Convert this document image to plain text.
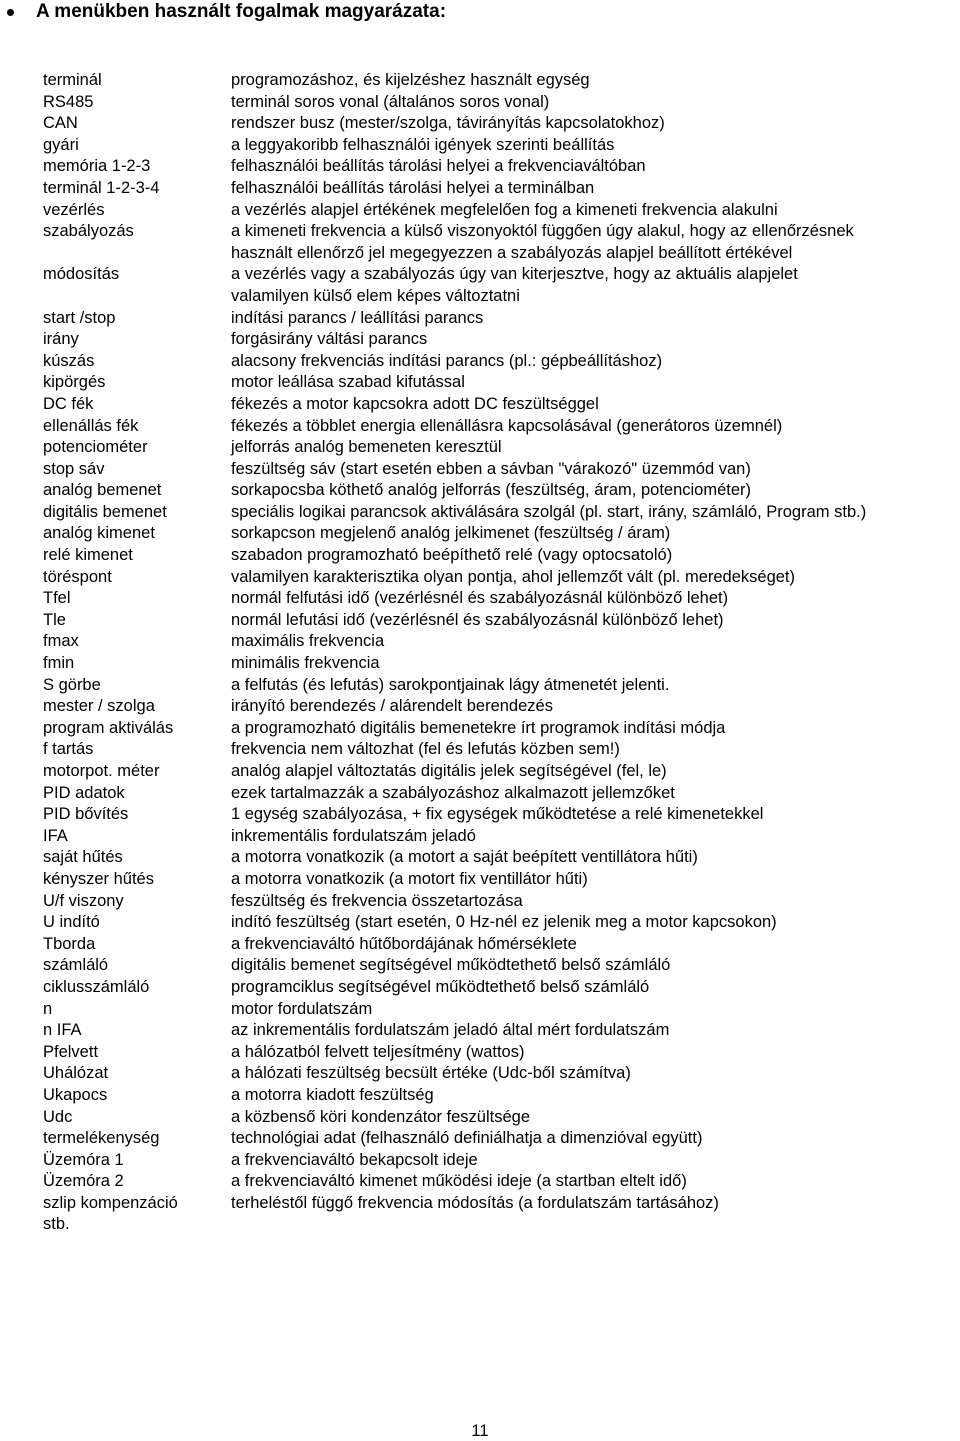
A menükben használt fogalmak magyarázata:
terminál	programozáshoz, és kijelzéshez használt egység
RS485	terminál soros vonal (általános soros vonal)
CAN	rendszer busz (mester/szolga, távirányítás kapcsolatokhoz)
gyári	a leggyakoribb felhasználói igények szerinti beállítás
memória 1-2-3	felhasználói beállítás tárolási helyei a frekvenciaváltóban
terminál 1-2-3-4	felhasználói beállítás tárolási helyei a terminálban
vezérlés	a vezérlés alapjel értékének megfelelően fog a kimeneti frekvencia alakulni
szabályozás	a kimeneti frekvencia a külső viszonyoktól függően úgy alakul, hogy az ellenőrzésnek
használt ellenőrző jel megegyezzen a szabályozás alapjel beállított értékével
módosítás	a vezérlés vagy a szabályozás úgy van kiterjesztve, hogy az aktuális alapjelet
valamilyen külső elem képes változtatni
start /stop	indítási parancs / leállítási parancs
irány	forgásirány váltási parancs
kúszás	alacsony frekvenciás indítási parancs (pl.: gépbeállításhoz)
kipörgés	motor leállása szabad kifutással
DC fék	fékezés a motor kapcsokra adott DC feszültséggel
ellenállás fék	fékezés a többlet energia ellenállásra kapcsolásával (generátoros üzemnél)
potenciométer	jelforrás analóg bemeneten keresztül
stop sáv	feszültség sáv (start esetén ebben a sávban "várakozó" üzemmód van)
analóg bemenet	sorkapocsba köthető analóg jelforrás (feszültség, áram, potenciométer)
digitális bemenet	speciális logikai parancsok aktiválására szolgál (pl. start, irány, számláló, Program stb.)
analóg kimenet	sorkapcson megjelenő analóg jelkimenet (feszültség / áram)
relé kimenet	szabadon programozható beépíthető relé (vagy optocsatoló)
töréspont	valamilyen karakterisztika olyan pontja, ahol jellemzőt vált (pl. meredekséget)
Tfel	normál felfutási idő (vezérlésnél és szabályozásnál különböző lehet)
Tle	normál lefutási idő (vezérlésnél és szabályozásnál különböző lehet)
fmax	maximális frekvencia
fmin	minimális frekvencia
S görbe	a felfutás (és lefutás) sarokpontjainak lágy átmenetét jelenti.
mester / szolga	irányító berendezés / alárendelt berendezés
program aktiválás	a programozható digitális bemenetekre írt programok indítási módja
f tartás	frekvencia nem változhat (fel és lefutás közben sem!)
motorpot. méter	analóg alapjel változtatás digitális jelek segítségével (fel, le)
PID adatok	ezek tartalmazzák a szabályozáshoz alkalmazott jellemzőket
PID bővítés	1 egység szabályozása, + fix egységek működtetése a relé kimenetekkel
IFA	inkrementális fordulatszám jeladó
saját hűtés	a motorra vonatkozik (a motort a saját beépített ventillátora hűti)
kényszer hűtés	a motorra vonatkozik (a motort fix ventillátor hűti)
U/f viszony	feszültség és frekvencia összetartozása
U indító	indító feszültség (start esetén, 0 Hz-nél ez jelenik meg a motor kapcsokon)
Tborda	a frekvenciaváltó hűtőbordájának hőmérséklete
számláló	digitális bemenet segítségével működtethető belső számláló
ciklusszámláló	programciklus segítségével működtethető belső számláló
n	motor fordulatszám
n IFA	az inkrementális fordulatszám jeladó által mért fordulatszám
Pfelvett	a hálózatból felvett teljesítmény (wattos)
Uhálózat	a hálózati feszültség becsült értéke (Udc-ből számítva)
Ukapocs	a motorra kiadott feszültség
Udc	a közbenső köri kondenzátor feszültsége
termelékenység	technológiai adat (felhasználó definiálhatja a dimenzióval együtt)
Üzemóra 1	a frekvenciaváltó bekapcsolt ideje
Üzemóra 2	a frekvenciaváltó kimenet működési ideje (a startban eltelt idő)
szlip kompenzáció	terheléstől függő frekvencia módosítás (a fordulatszám tartásához)
stb.
11
